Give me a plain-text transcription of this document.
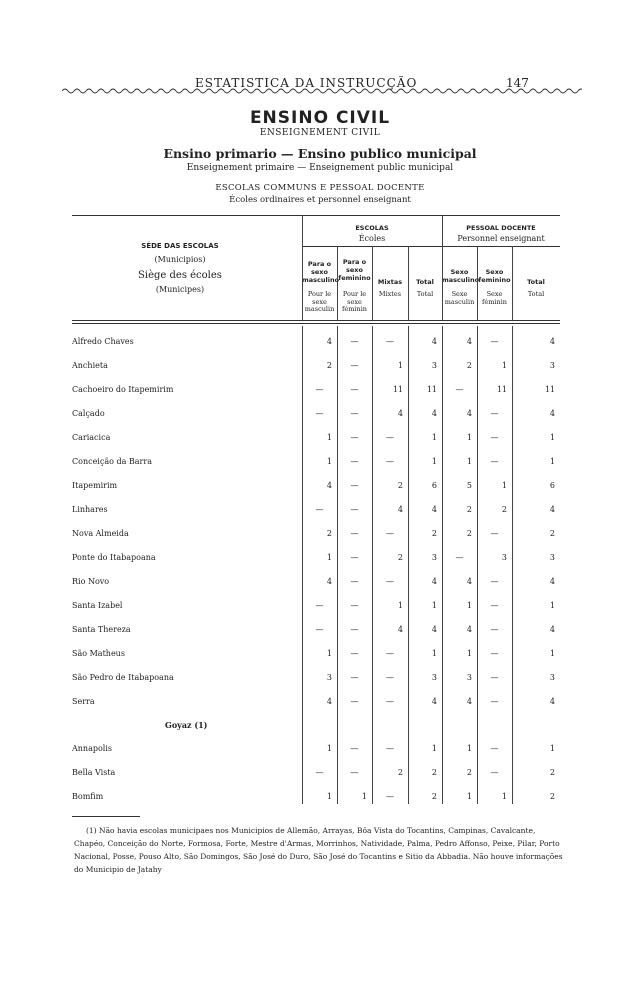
ESTATISTICA DA INSTRUCÇÃO	147
ENSINO CIVIL
ENSEIGNEMENT CIVIL
Ensino primario — Ensino publico municipal
Enseignement primaire — Enseignement public municipal
ESCOLAS COMMUNS E PESSOAL DOCENTE
Écoles ordinaires et personnel enseignant
SÉDE DAS ESCOLAS
(Municipios)
Siège des écoles
(Municipes)
ESCOLAS
Écoles
PESSOAL DOCENTE
Personnel enseignant
Para o sexo masculino
Pour le sexe masculin
Para o sexo feminino
Pour le sexe féminin
Mixtas
Mixtes
Total
Total
Sexo masculino
Sexe masculin
Sexo feminino
Sexe féminin
Total
Total
Alfredo Chaves	4	—	—	4	4	—	4
Anchieta	2	—	1	3	2	1	3
Cachoeiro do Itapemirim	—	—	11	11	—	11	11
Calçado	—	—	4	4	4	—	4
Cariacica	1	—	—	1	1	—	1
Conceição da Barra	1	—	—	1	1	—	1
Itapemirim	4	—	2	6	5	1	6
Linhares	—	—	4	4	2	2	4
Nova Almeida	2	—	—	2	2	—	2
Ponte do Itabapoana	1	—	2	3	—	3	3
Rio Novo	4	—	—	4	4	—	4
Santa Izabel	—	—	1	1	1	—	1
Santa Thereza	—	—	4	4	4	—	4
São Matheus	1	—	—	1	1	—	1
São Pedro de Itabapoana	3	—	—	3	3	—	3
Serra	4	—	—	4	4	—	4
Goyaz (1)
Annapolis	1	—	—	1	1	—	1
Bella Vista	—	—	2	2	2	—	2
Bomfim	1	1	—	2	1	1	2
(1) Não havia escolas municipaes nos Municipios de Allemão, Arrayas, Bôa Vista do Tocantins, Campinas, Cavalcante, Chapéo, Conceição do Norte, Formosa, Forte, Mestre d'Armas, Morrinhos, Natividade, Palma, Pedro Affonso, Peixe, Pilar, Porto Nacional, Posse, Pouso Alto, São Domingos, São José do Duro, São José do Tocantins e Sitio da Abbadia. Não houve informações do Municipio de Jatahy
